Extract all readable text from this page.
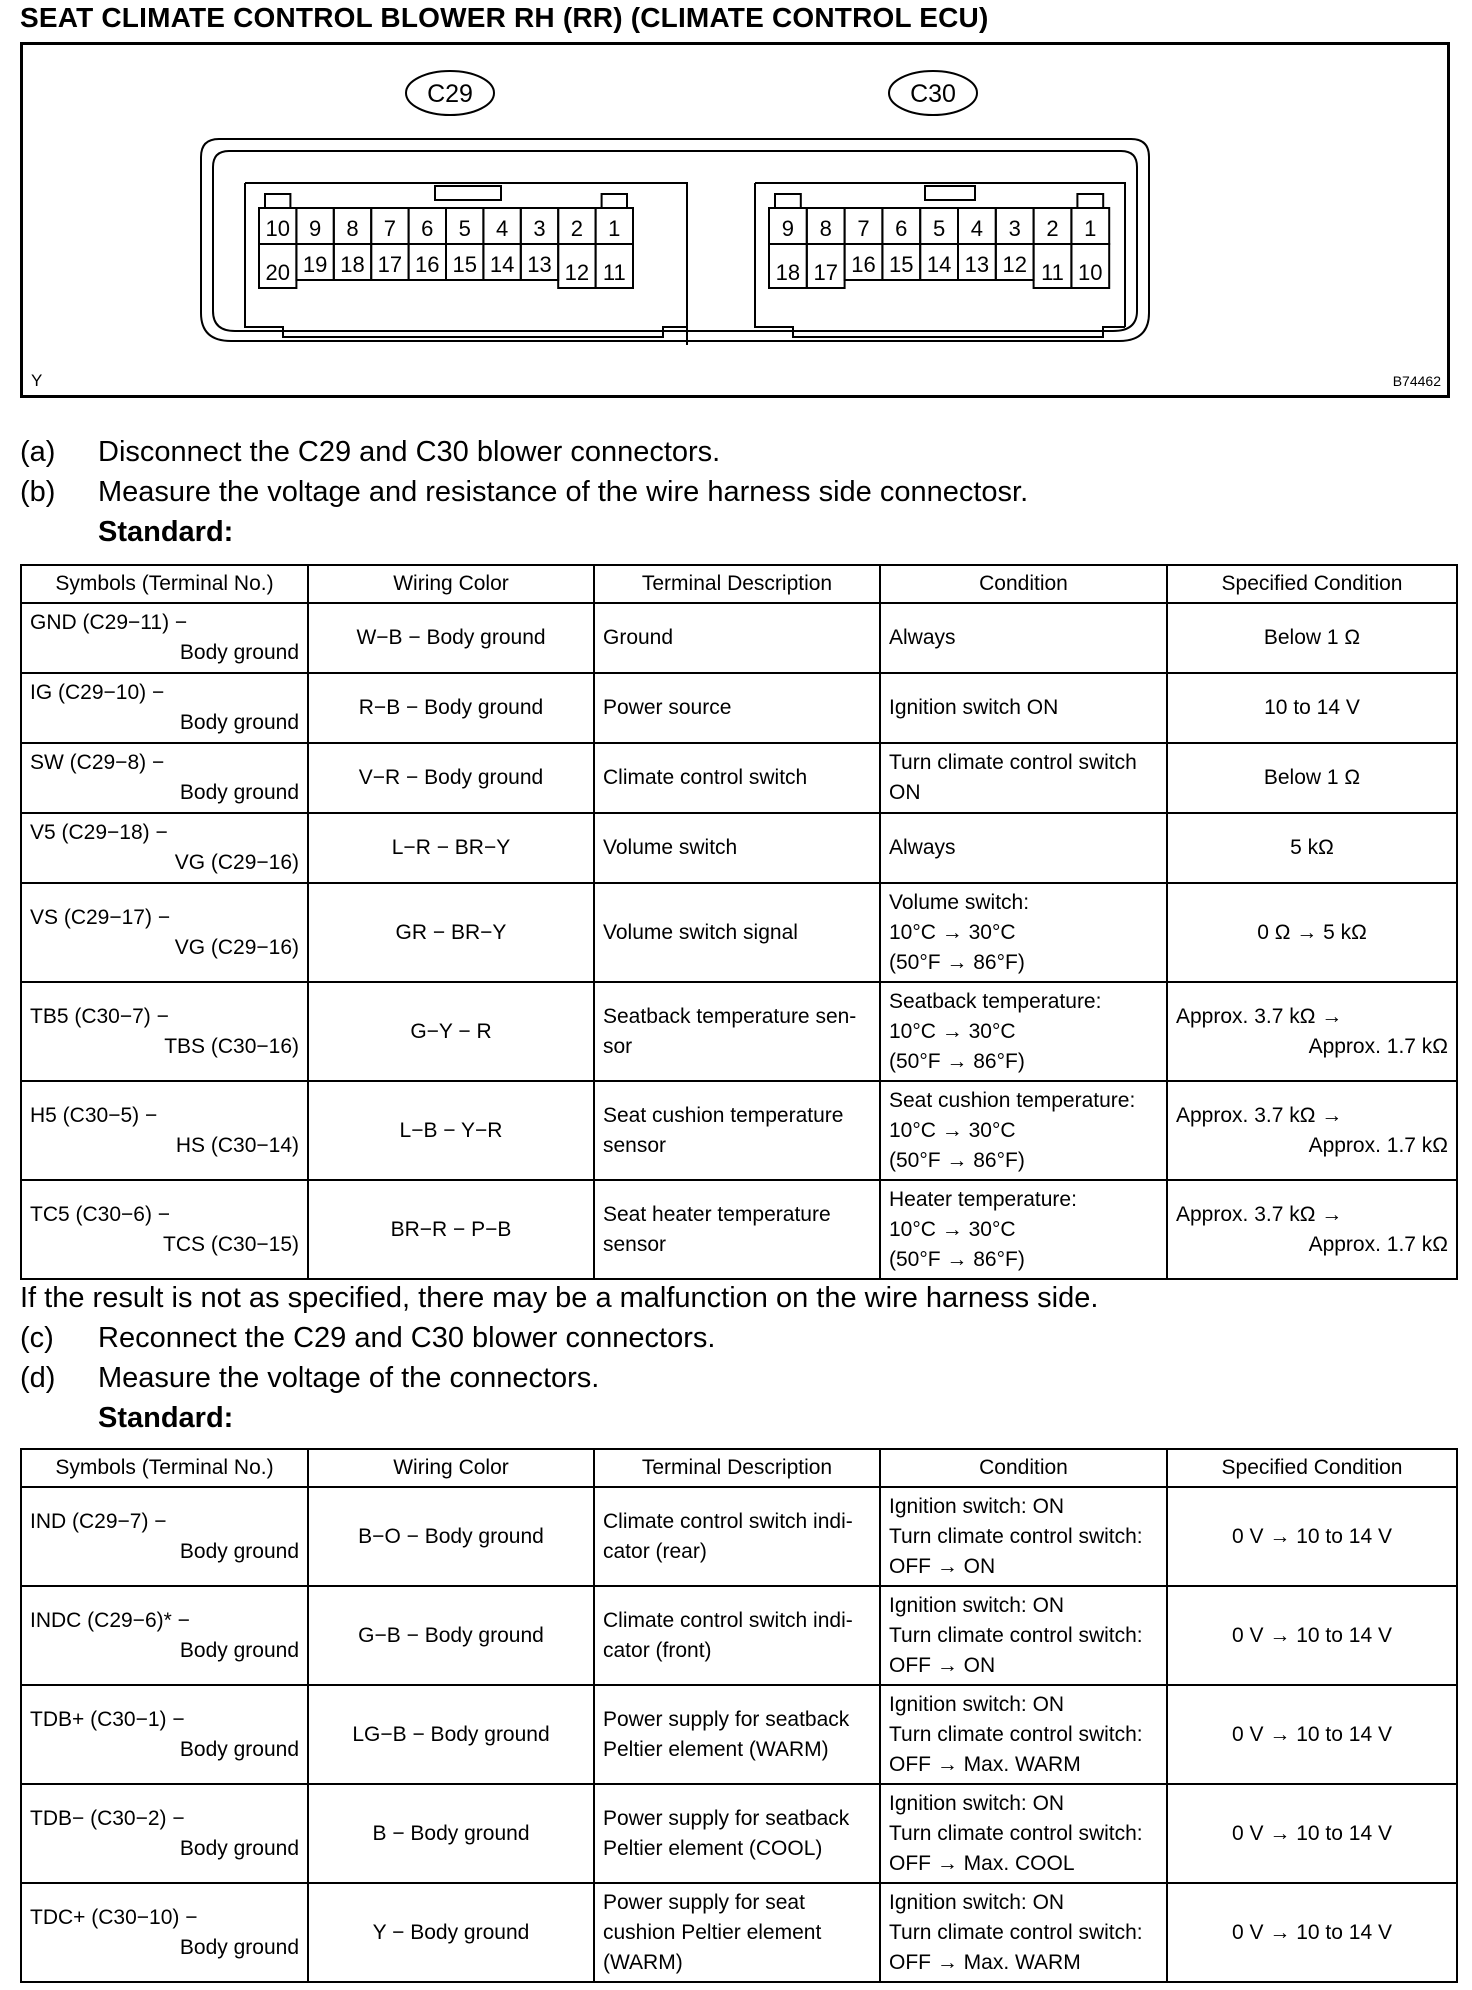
SEAT CLIMATE CONTROL BLOWER RH (RR) (CLIMATE CONTROL ECU)
C29
10 9 8 7 6 5 4 3 2 1
20 19 18 17 16 15 14 13 12 11
C30
9 8 7 6 5 4 3 2 1
18 17 16 15 14 13 12 11 10
Y	B74462
(a) Disconnect the C29 and C30 blower connectors.
(b) Measure the voltage and resistance of the wire harness side connectosr.
Standard:
Symbols (Terminal No.)	Wiring Color	Terminal Description	Condition	Specified Condition

GND (C29−11) −
Body ground	W−B − Body ground	Ground	Always	Below 1 Ω

IG (C29−10) −
Body ground	R−B − Body ground	Power source	Ignition switch ON	10 to 14 V

SW (C29−8) −
Body ground	V−R − Body ground	Climate control switch	Turn climate control switch
ON	Below 1 Ω

V5 (C29−18) −
VG (C29−16)	L−R − BR−Y	Volume switch	Always	5 kΩ

VS (C29−17) −
VG (C29−16)	GR − BR−Y	Volume switch signal	Volume switch:
10°C → 30°C
(50°F → 86°F)	0 Ω → 5 kΩ

TB5 (C30−7) −
TBS (C30−16)	G−Y − R	Seatback temperature sen-
sor	Seatback temperature:
10°C → 30°C
(50°F → 86°F)	Approx. 3.7 kΩ →
Approx. 1.7 kΩ

H5 (C30−5) −
HS (C30−14)	L−B − Y−R	Seat cushion temperature
sensor	Seat cushion temperature:
10°C → 30°C
(50°F → 86°F)	Approx. 3.7 kΩ →
Approx. 1.7 kΩ

TC5 (C30−6) −
TCS (C30−15)	BR−R − P−B	Seat heater temperature
sensor	Heater temperature:
10°C → 30°C
(50°F → 86°F)	Approx. 3.7 kΩ →
Approx. 1.7 kΩ
If the result is not as specified, there may be a malfunction on the wire harness side.
(c) Reconnect the C29 and C30 blower connectors.
(d) Measure the voltage of the connectors.
Standard:
Symbols (Terminal No.)	Wiring Color	Terminal Description	Condition	Specified Condition

IND (C29−7) −
Body ground	B−O − Body ground	Climate control switch indi-
cator (rear)	Ignition switch: ON
Turn climate control switch:
OFF → ON	0 V → 10 to 14 V

INDC (C29−6)* −
Body ground	G−B − Body ground	Climate control switch indi-
cator (front)	Ignition switch: ON
Turn climate control switch:
OFF → ON	0 V → 10 to 14 V

TDB+ (C30−1) −
Body ground	LG−B − Body ground	Power supply for seatback
Peltier element (WARM)	Ignition switch: ON
Turn climate control switch:
OFF → Max. WARM	0 V → 10 to 14 V

TDB− (C30−2) −
Body ground	B − Body ground	Power supply for seatback
Peltier element (COOL)	Ignition switch: ON
Turn climate control switch:
OFF → Max. COOL	0 V → 10 to 14 V

TDC+ (C30−10) −
Body ground	Y − Body ground	Power supply for seat
cushion Peltier element
(WARM)	Ignition switch: ON
Turn climate control switch:
OFF → Max. WARM	0 V → 10 to 14 V
